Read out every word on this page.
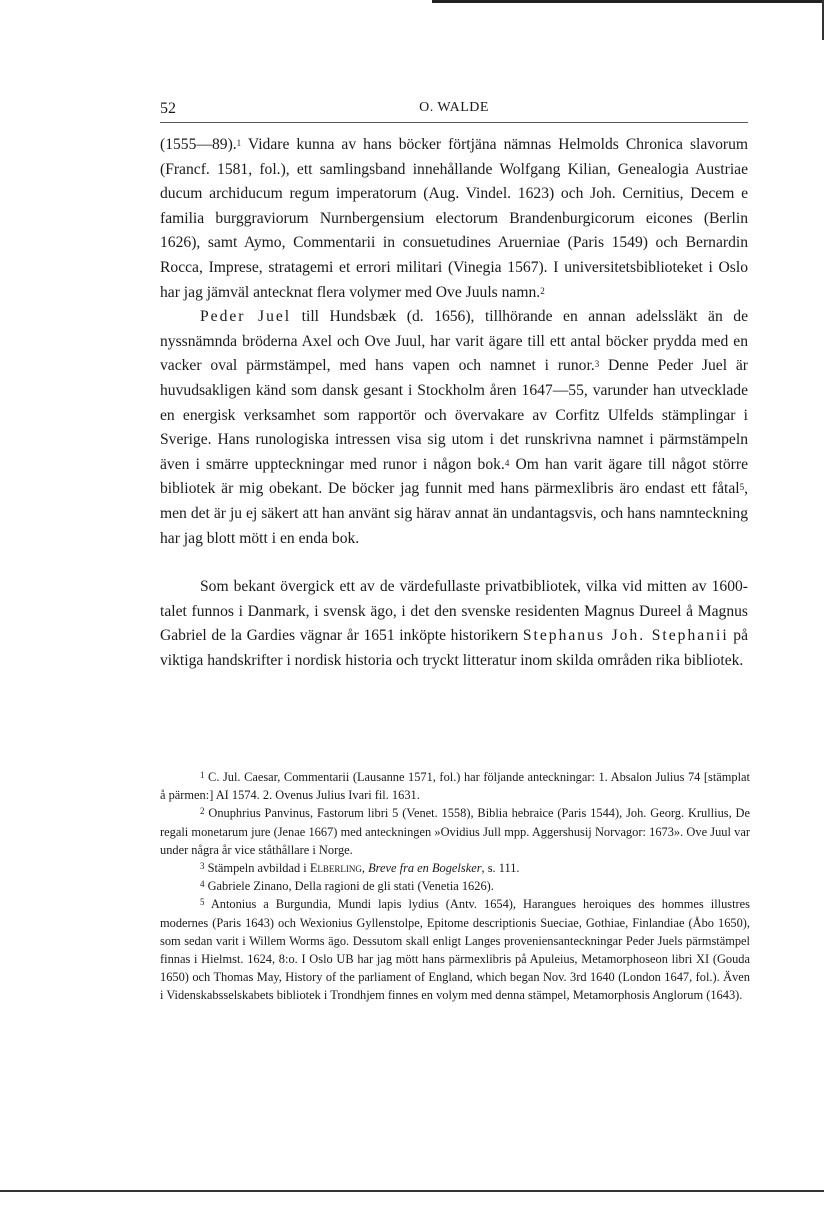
52	O. WALDE

(1555—89).$^1$ Vidare kunna av hans böcker förtjäna nämnas Helmolds Chronica slavorum (Francf. 1581, fol.), ett samlingsband innehållande Wolfgang Kilian, Genealogia Austriae ducum archiducum regum imperatorum (Aug. Vindel. 1623) och Joh. Cernitius, Decem e familia burggraviorum Nurnbergensium electorum Brandenburgicorum eicones (Berlin 1626), samt Aymo, Commentarii in consuetudines Aruerniae (Paris 1549) och Bernardin Rocca, Imprese, stratagemi et errori militari (Vinegia 1567). I universitetsbiblioteket i Oslo har jag jämväl antecknat flera volymer med Ove Juuls namn.$^2$

Peder Juel till Hundsbæk (d. 1656), tillhörande en annan adelssläkt än de nyssnämnda bröderna Axel och Ove Juul, har varit ägare till ett antal böcker prydda med en vacker oval pärmstämpel, med hans vapen och namnet i runor.$^3$ Denne Peder Juel är huvudsakligen känd som dansk gesant i Stockholm åren 1647—55, varunder han utvecklade en energisk verksamhet som rapportör och övervakare av Corfitz Ulfelds stämplingar i Sverige. Hans runologiska intressen visa sig utom i det runskrivna namnet i pärmstämpeln även i smärre uppteckningar med runor i någon bok.$^4$ Om han varit ägare till något större bibliotek är mig obekant. De böcker jag funnit med hans pärmexlibris äro endast ett fåtal$^5$, men det är ju ej säkert att han använt sig härav annat än undantagsvis, och hans namnteckning har jag blott mött i en enda bok.

Som bekant övergick ett av de värdefullaste privatbibliotek, vilka vid mitten av 1600-talet funnos i Danmark, i svensk ägo, i det den svenske residenten Magnus Dureel å Magnus Gabriel de la Gardies vägnar år 1651 inköpte historikern Stephanus Joh. Stephanii på viktiga handskrifter i nordisk historia och tryckt litteratur inom skilda områden rika bibliotek.

$^1$ C. Jul. Caesar, Commentarii (Lausanne 1571, fol.) har följande anteckningar: 1. Absalon Julius 74 [stämplat å pärmen:] AI 1574. 2. Ovenus Julius Ivari fil. 1631.

$^2$ Onuphrius Panvinus, Fastorum libri 5 (Venet. 1558), Biblia hebraice (Paris 1544), Joh. Georg. Krullius, De regali monetarum jure (Jenae 1667) med anteckningen »Ovidius Jull mpp. Aggershusij Norvagor: 1673». Ove Juul var under några år vice ståthållare i Norge.

$^3$ Stämpeln avbildad i Elberling, Breve fra en Bogelsker, s. 111.

$^4$ Gabriele Zinano, Della ragioni de gli stati (Venetia 1626).

$^5$ Antonius a Burgundia, Mundi lapis lydius (Antv. 1654), Harangues heroiques des hommes illustres modernes (Paris 1643) och Wexionius Gyllenstolpe, Epitome descriptionis Sueciae, Gothiae, Finlandiae (Åbo 1650), som sedan varit i Willem Worms ägo. Dessutom skall enligt Langes proveniensanteckningar Peder Juels pärmstämpel finnas i Hielmst. 1624, 8:o. I Oslo UB har jag mött hans pärmexlibris på Apuleius, Metamorphoseon libri XI (Gouda 1650) och Thomas May, History of the parliament of England, which began Nov. 3rd 1640 (London 1647, fol.). Även i Videnskabsselskabets bibliotek i Trondhjem finnes en volym med denna stämpel, Metamorphosis Anglorum (1643).
